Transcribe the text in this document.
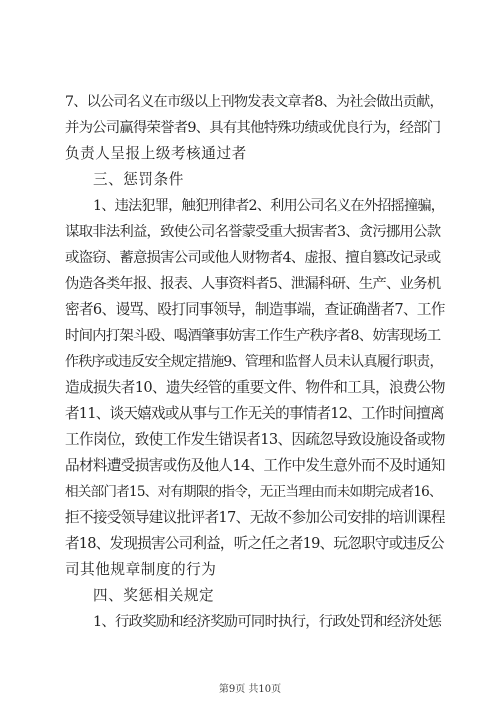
7、以公司名义在市级以上刊物发表文章者8、为社会做出贡献，
并为公司赢得荣誉者9、具有其他特殊功绩或优良行为，经部门
负责人呈报上级考核通过者
三、惩罚条件
1、违法犯罪，触犯刑律者2、利用公司名义在外招摇撞骗，
谋取非法利益，致使公司名誉蒙受重大损害者3、贪污挪用公款
或盗窃、蓄意损害公司或他人财物者4、虚报、擅自篡改记录或
伪造各类年报、报表、人事资料者5、泄漏科研、生产、业务机
密者6、谩骂、殴打同事领导，制造事端，查证确凿者7、工作
时间内打架斗殴、喝酒肇事妨害工作生产秩序者8、妨害现场工
作秩序或违反安全规定措施9、管理和监督人员未认真履行职责，
造成损失者10、遗失经管的重要文件、物件和工具，浪费公物
者11、谈天嬉戏或从事与工作无关的事情者12、工作时间擅离
工作岗位，致使工作发生错误者13、因疏忽导致设施设备或物
品材料遭受损害或伤及他人14、工作中发生意外而不及时通知
相关部门者15、对有期限的指令，无正当理由而未如期完成者16、
拒不接受领导建议批评者17、无故不参加公司安排的培训课程
者18、发现损害公司利益，听之任之者19、玩忽职守或违反公
司其他规章制度的行为
四、奖惩相关规定
1、行政奖励和经济奖励可同时执行，行政处罚和经济处惩
第9页 共10页
